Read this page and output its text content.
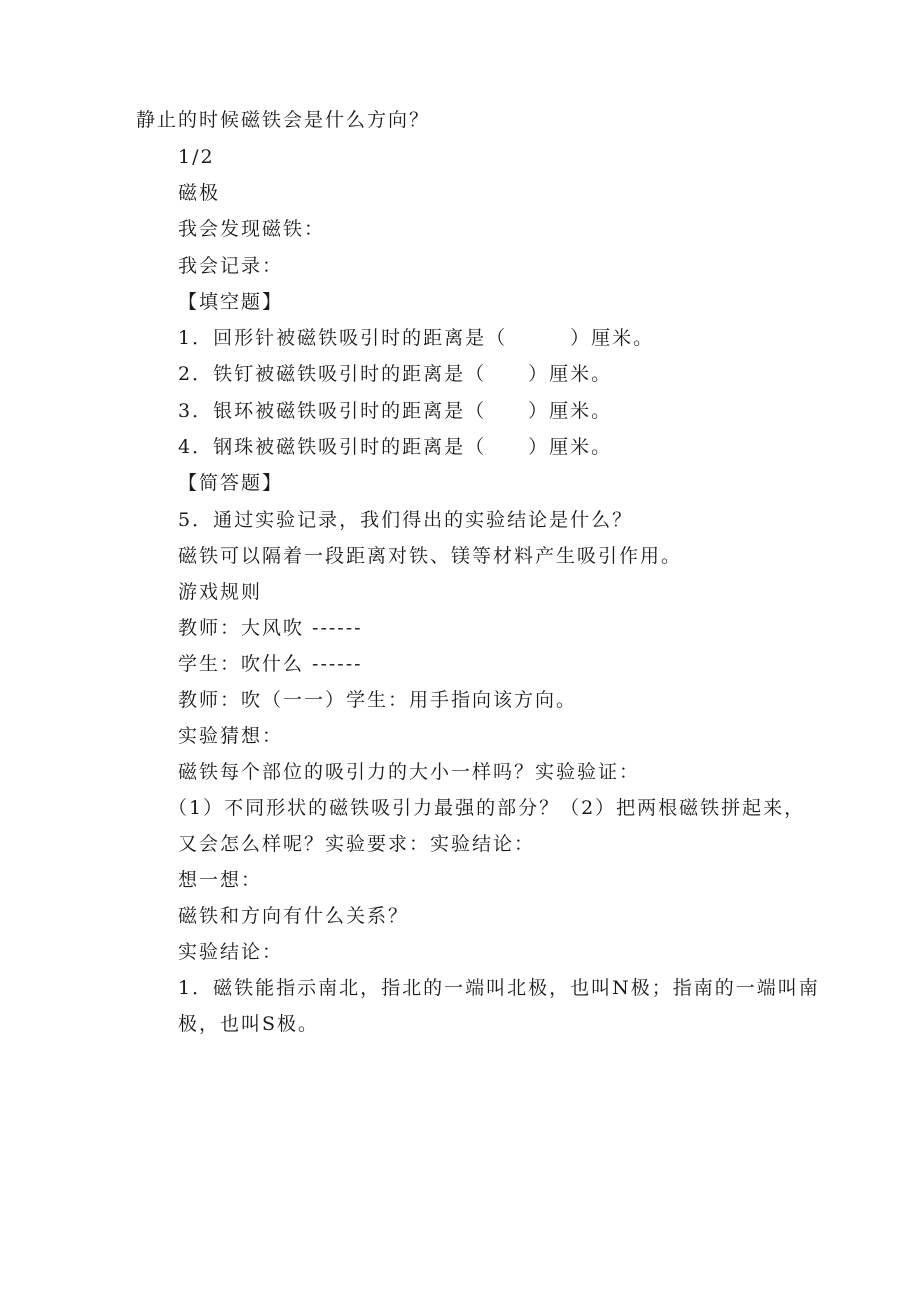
静止的时候磁铁会是什么方向？
1/2
磁极
我会发现磁铁：
我会记录：
【填空题】
1．回形针被磁铁吸引时的距离是（　　　）厘米。
2．铁钉被磁铁吸引时的距离是（　　）厘米。
3．银环被磁铁吸引时的距离是（　　）厘米。
4．钢珠被磁铁吸引时的距离是（　　）厘米。
【简答题】
5．通过实验记录，我们得出的实验结论是什么？
磁铁可以隔着一段距离对铁、镁等材料产生吸引作用。
游戏规则
教师：大风吹 ------
学生：吹什么 ------
教师：吹（一一）学生：用手指向该方向。
实验猜想：
磁铁每个部位的吸引力的大小一样吗？实验验证：
（1）不同形状的磁铁吸引力最强的部分？（2）把两根磁铁拼起来，
又会怎么样呢？实验要求：实验结论：
想一想：
磁铁和方向有什么关系？
实验结论：
1．磁铁能指示南北，指北的一端叫北极，也叫N极；指南的一端叫南
极，也叫S极。
